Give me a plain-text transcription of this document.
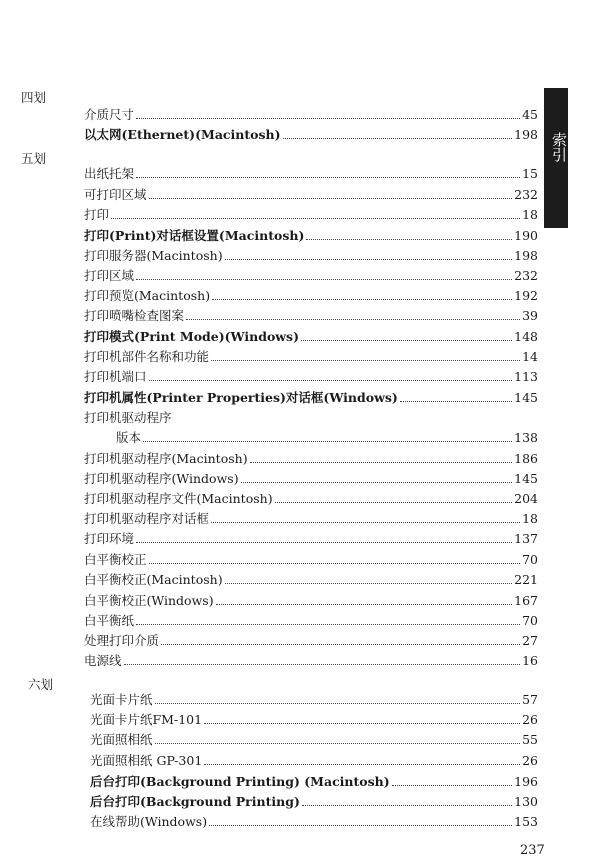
索引
四划
五划
六划
介质尺寸	45
以太网(Ethernet)(Macintosh)	198
出纸托架	15
可打印区域	232
打印	18
打印(Print)对话框设置(Macintosh)	190
打印服务器(Macintosh)	198
打印区域	232
打印预览(Macintosh)	192
打印喷嘴检查图案	39
打印模式(Print Mode)(Windows)	148
打印机部件名称和功能	14
打印机端口	113
打印机属性(Printer Properties)对话框(Windows)	145
打印机驱动程序
版本	138
打印机驱动程序(Macintosh)	186
打印机驱动程序(Windows)	145
打印机驱动程序文件(Macintosh)	204
打印机驱动程序对话框	18
打印环境	137
白平衡校正	70
白平衡校正(Macintosh)	221
白平衡校正(Windows)	167
白平衡纸	70
处理打印介质	27
电源线	16
光面卡片纸	57
光面卡片纸FM-101	26
光面照相纸	55
光面照相纸 GP-301	26
后台打印(Background Printing) (Macintosh)	196
后台打印(Background Printing)	130
在线帮助(Windows)	153
237
